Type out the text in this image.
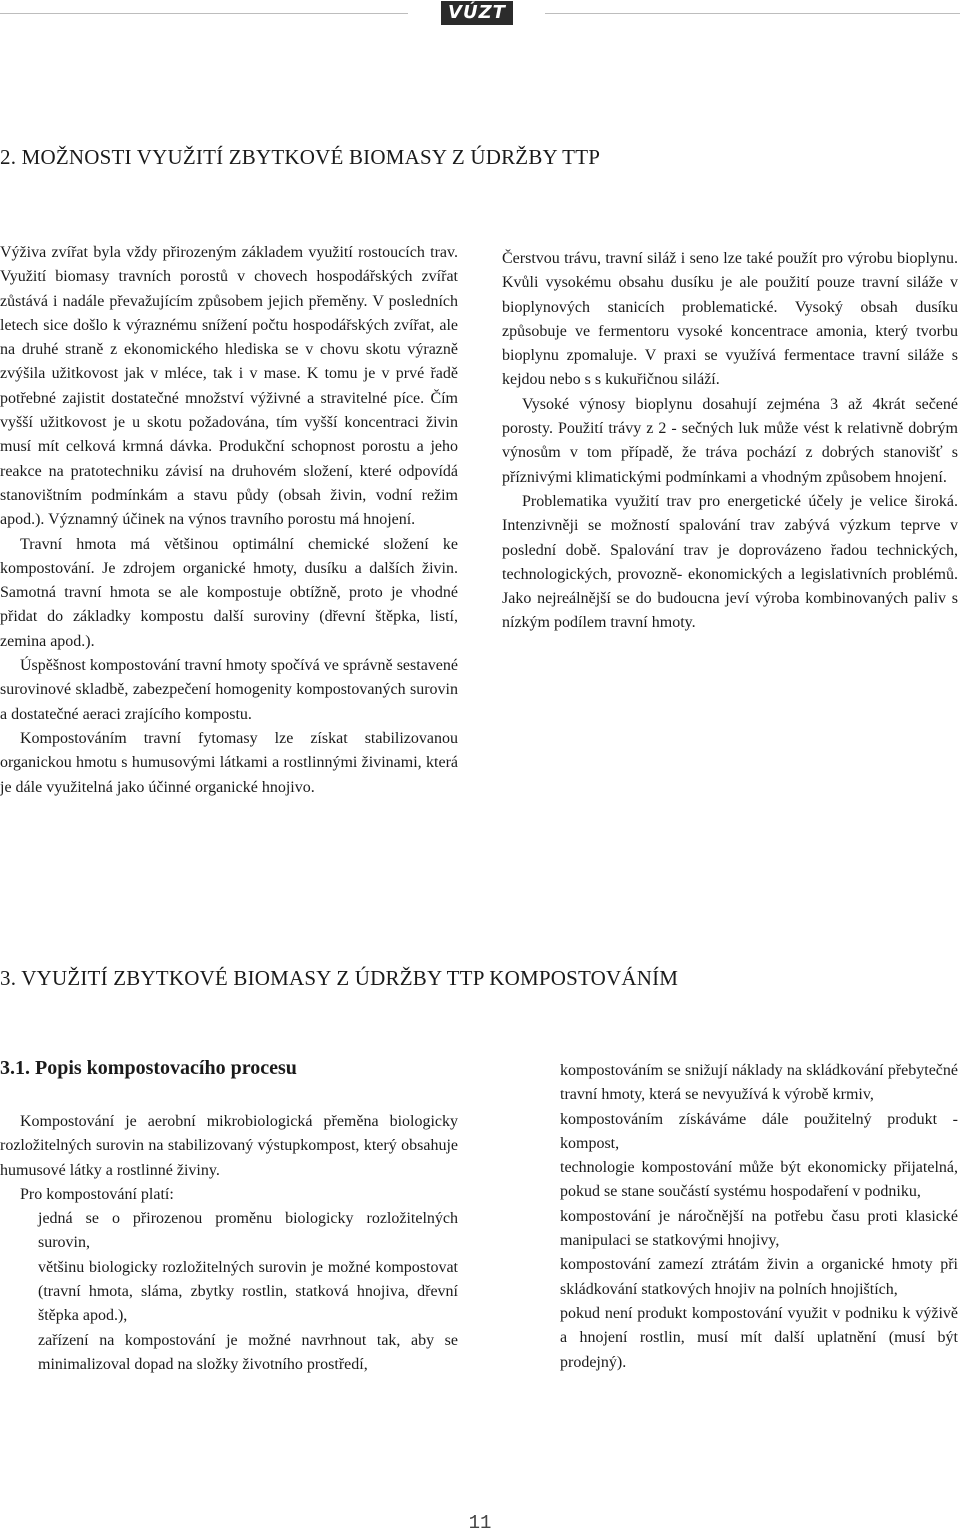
VÚZT
2. MOŽNOSTI VYUŽITÍ ZBYTKOVÉ BIOMASY Z ÚDRŽBY TTP

Výživa zvířat byla vždy přirozeným základem využití rostoucích trav. Využití biomasy travních porostů v chovech hospodářských zvířat zůstává i nadále převažujícím způsobem jejich přeměny. V posledních letech sice došlo k výraznému snížení počtu hospodářských zvířat, ale na druhé straně z ekonomického hlediska se v chovu skotu výrazně zvýšila užitkovost jak v mléce, tak i v mase. K tomu je v prvé řadě potřebné zajistit dostatečné množství výživné a stravitelné píce. Čím vyšší užitkovost je u skotu požadována, tím vyšší koncentraci živin musí mít celková krmná dávka. Produkční schopnost porostu a jeho reakce na pratotechniku závisí na druhovém složení, které odpovídá stanovištním podmínkám a stavu půdy (obsah živin, vodní režim apod.). Významný účinek na výnos travního porostu má hnojení.

Travní hmota má většinou optimální chemické složení ke kompostování. Je zdrojem organické hmoty, dusíku a dalších živin. Samotná travní hmota se ale kompostuje obtížně, proto je vhodné přidat do základky kompostu další suroviny (dřevní štěpka, listí, zemina apod.).

Úspěšnost kompostování travní hmoty spočívá ve správně sestavené surovinové skladbě, zabezpečení homogenity kompostovaných surovin a dostatečné aeraci zrajícího kompostu.

Kompostováním travní fytomasy lze získat stabilizovanou organickou hmotu s humusovými látkami a rostlinnými živinami, která je dále využitelná jako účinné organické hnojivo.

Čerstvou trávu, travní siláž i seno lze také použít pro výrobu bioplynu. Kvůli vysokému obsahu dusíku je ale použití pouze travní siláže v bioplynových stanicích problematické. Vysoký obsah dusíku způsobuje ve fermentoru vysoké koncentrace amonia, který tvorbu bioplynu zpomaluje. V praxi se využívá fermentace travní siláže s kejdou nebo s s kukuřičnou siláží.

Vysoké výnosy bioplynu dosahují zejména 3 až 4krát sečené porosty. Použití trávy z 2 - sečných luk může vést k relativně dobrým výnosům v tom případě, že tráva pochází z dobrých stanovišť s příznivými klimatickými podmínkami a vhodným způsobem hnojení.

Problematika využití trav pro energetické účely je velice široká. Intenzivněji se možností spalování trav zabývá výzkum teprve v poslední době. Spalování trav je doprovázeno řadou technických, technologických, provozně- ekonomických a legislativních problémů. Jako nejreálnější se do budoucna jeví výroba kombinovaných paliv s nízkým podílem travní hmoty.

3. VYUŽITÍ ZBYTKOVÉ BIOMASY Z ÚDRŽBY TTP KOMPOSTOVÁNÍM
3.1. Popis kompostovacího procesu

Kompostování je aerobní mikrobiologická přeměna biologicky rozložitelných surovin na stabilizovaný výstupkompost, který obsahuje humusové látky a rostlinné živiny.

Pro kompostování platí:

jedná se o přirozenou proměnu biologicky rozložitelných surovin,

většinu biologicky rozložitelných surovin je možné kompostovat (travní hmota, sláma, zbytky rostlin, statková hnojiva, dřevní štěpka apod.),

zařízení na kompostování je možné navrhnout tak, aby se minimalizoval dopad na složky životního prostředí,

kompostováním se snižují náklady na skládkování přebytečné travní hmoty, která se nevyužívá k výrobě krmiv,

kompostováním získáváme dále použitelný produkt - kompost,

technologie kompostování může být ekonomicky přijatelná, pokud se stane součástí systému hospodaření v podniku,

kompostování je náročnější na potřebu času proti klasické manipulaci se statkovými hnojivy,

kompostování zamezí ztrátám živin a organické hmoty při skládkování statkových hnojiv na polních hnojištích,

pokud není produkt kompostování využit v podniku k výživě a hnojení rostlin, musí mít další uplatnění (musí být prodejný).

11
